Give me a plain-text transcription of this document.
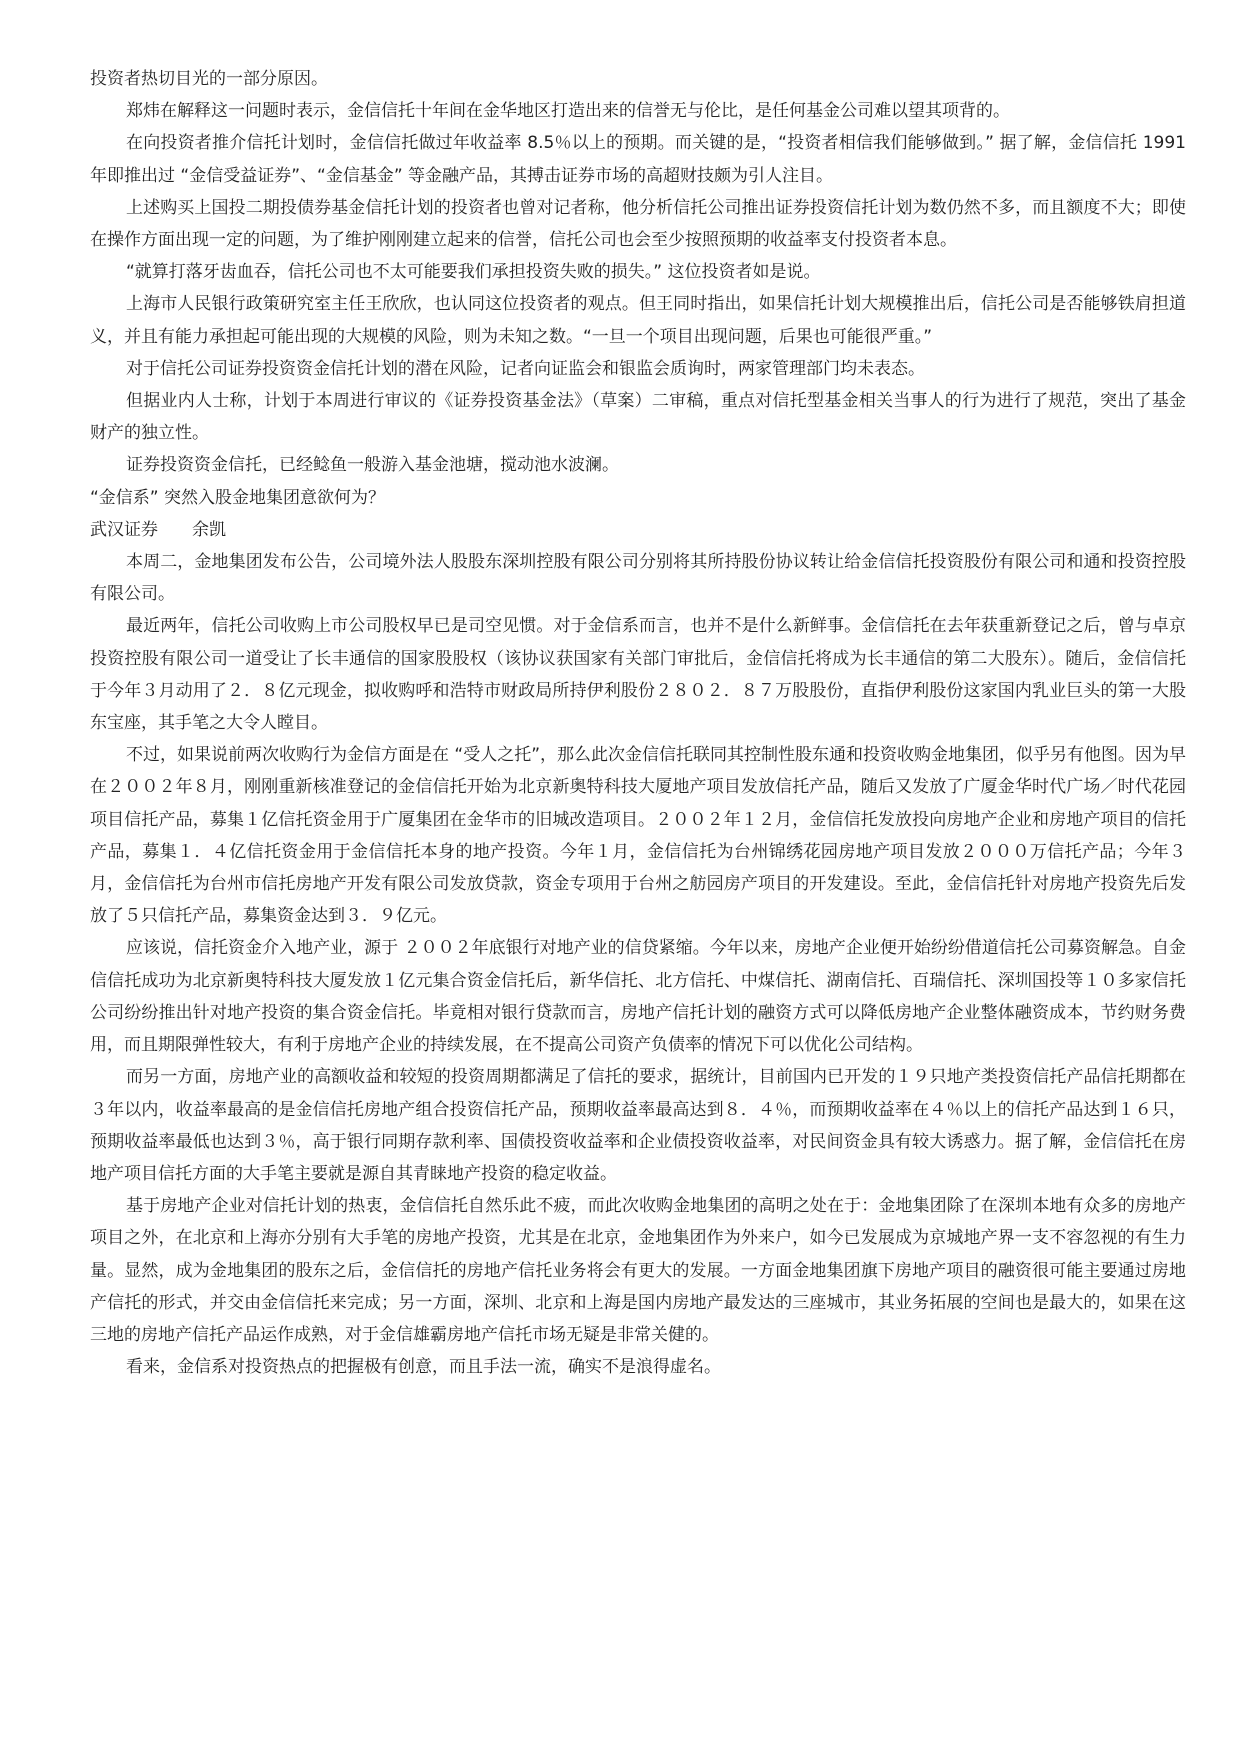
投资者热切目光的一部分原因。

郑炜在解释这一问题时表示，金信信托十年间在金华地区打造出来的信誉无与伦比，是任何基金公司难以望其项背的。

在向投资者推介信托计划时，金信信托做过年收益率 8.5％以上的预期。而关键的是，“投资者相信我们能够做到。” 据了解，金信信托 1991 年即推出过 “金信受益证券”、“金信基金” 等金融产品，其搏击证券市场的高超财技颇为引人注目。

上述购买上国投二期投债券基金信托计划的投资者也曾对记者称，他分析信托公司推出证券投资信托计划为数仍然不多，而且额度不大；即使在操作方面出现一定的问题，为了维护刚刚建立起来的信誉，信托公司也会至少按照预期的收益率支付投资者本息。

“就算打落牙齿血吞，信托公司也不太可能要我们承担投资失败的损失。” 这位投资者如是说。

上海市人民银行政策研究室主任王欣欣，也认同这位投资者的观点。但王同时指出，如果信托计划大规模推出后，信托公司是否能够铁肩担道义，并且有能力承担起可能出现的大规模的风险，则为未知之数。“一旦一个项目出现问题，后果也可能很严重。”

对于信托公司证券投资资金信托计划的潜在风险，记者向证监会和银监会质询时，两家管理部门均未表态。

但据业内人士称，计划于本周进行审议的《证券投资基金法》（草案）二审稿，重点对信托型基金相关当事人的行为进行了规范，突出了基金财产的独立性。

证券投资资金信托，已经鲶鱼一般游入基金池塘，搅动池水波澜。

“金信系” 突然入股金地集团意欲何为？

武汉证券　　余凯

本周二，金地集团发布公告，公司境外法人股股东深圳控股有限公司分别将其所持股份协议转让给金信信托投资股份有限公司和通和投资控股有限公司。

最近两年，信托公司收购上市公司股权早已是司空见惯。对于金信系而言，也并不是什么新鲜事。金信信托在去年获重新登记之后，曾与卓京投资控股有限公司一道受让了长丰通信的国家股股权（该协议获国家有关部门审批后，金信信托将成为长丰通信的第二大股东）。随后，金信信托于今年３月动用了２．８亿元现金，拟收购呼和浩特市财政局所持伊利股份２８０２．８７万股股份，直指伊利股份这家国内乳业巨头的第一大股东宝座，其手笔之大令人瞠目。

不过，如果说前两次收购行为金信方面是在 “受人之托”，那么此次金信信托联同其控制性股东通和投资收购金地集团，似乎另有他图。因为早在２００２年８月，刚刚重新核准登记的金信信托开始为北京新奥特科技大厦地产项目发放信托产品，随后又发放了广厦金华时代广场／时代花园项目信托产品，募集１亿信托资金用于广厦集团在金华市的旧城改造项目。２００２年１２月，金信信托发放投向房地产企业和房地产项目的信托产品，募集１．４亿信托资金用于金信信托本身的地产投资。今年１月，金信信托为台州锦绣花园房地产项目发放２０００万信托产品；今年３月，金信信托为台州市信托房地产开发有限公司发放贷款，资金专项用于台州之舫园房产项目的开发建设。至此，金信信托针对房地产投资先后发放了５只信托产品，募集资金达到３．９亿元。

应该说，信托资金介入地产业，源于 ２００２年底银行对地产业的信贷紧缩。今年以来，房地产企业便开始纷纷借道信托公司募资解急。自金信信托成功为北京新奥特科技大厦发放１亿元集合资金信托后，新华信托、北方信托、中煤信托、湖南信托、百瑞信托、深圳国投等１０多家信托公司纷纷推出针对地产投资的集合资金信托。毕竟相对银行贷款而言，房地产信托计划的融资方式可以降低房地产企业整体融资成本，节约财务费用，而且期限弹性较大，有利于房地产企业的持续发展，在不提高公司资产负债率的情况下可以优化公司结构。

而另一方面，房地产业的高额收益和较短的投资周期都满足了信托的要求，据统计，目前国内已开发的１９只地产类投资信托产品信托期都在３年以内，收益率最高的是金信信托房地产组合投资信托产品，预期收益率最高达到８．４％，而预期收益率在４％以上的信托产品达到１６只，预期收益率最低也达到３％，高于银行同期存款利率、国债投资收益率和企业债投资收益率，对民间资金具有较大诱惑力。据了解，金信信托在房地产项目信托方面的大手笔主要就是源自其青睐地产投资的稳定收益。

基于房地产企业对信托计划的热衷，金信信托自然乐此不疲，而此次收购金地集团的高明之处在于：金地集团除了在深圳本地有众多的房地产项目之外，在北京和上海亦分别有大手笔的房地产投资，尤其是在北京，金地集团作为外来户，如今已发展成为京城地产界一支不容忽视的有生力量。显然，成为金地集团的股东之后，金信信托的房地产信托业务将会有更大的发展。一方面金地集团旗下房地产项目的融资很可能主要通过房地产信托的形式，并交由金信信托来完成；另一方面，深圳、北京和上海是国内房地产最发达的三座城市，其业务拓展的空间也是最大的，如果在这三地的房地产信托产品运作成熟，对于金信雄霸房地产信托市场无疑是非常关健的。

看来，金信系对投资热点的把握极有创意，而且手法一流，确实不是浪得虚名。
